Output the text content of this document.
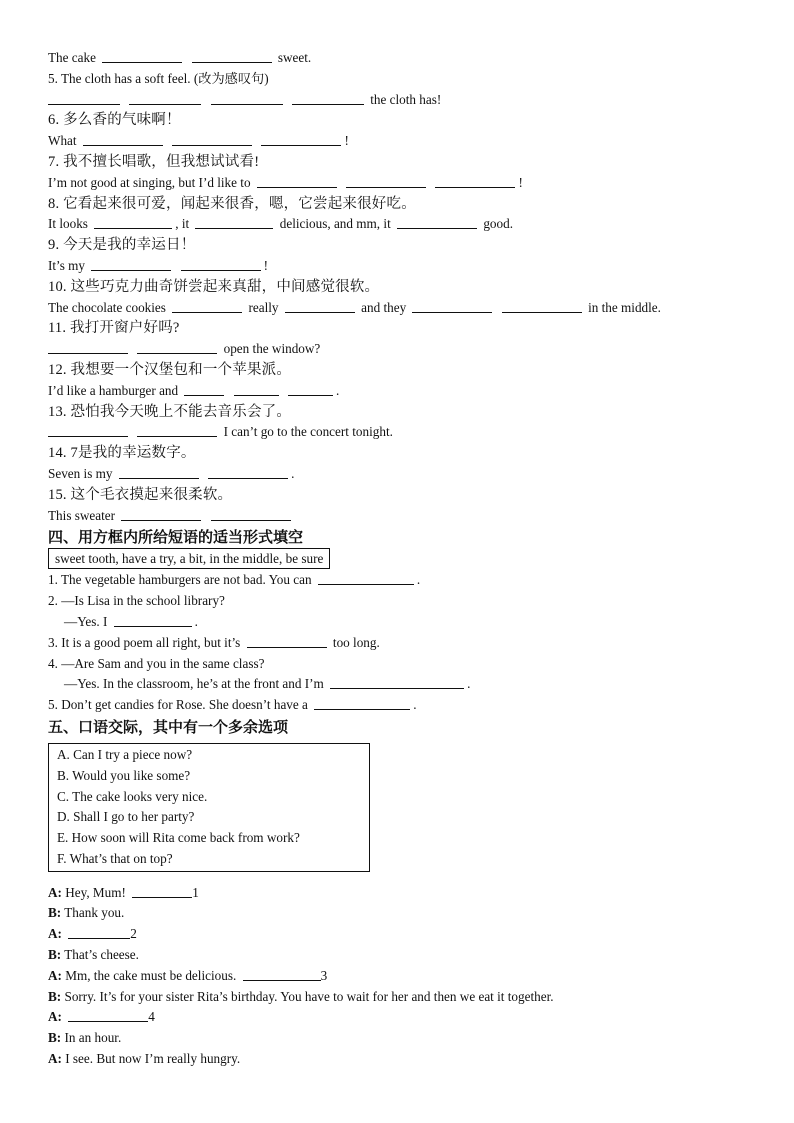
The cake	sweet.
5. The cloth has a soft feel. (改为感叹句)
the cloth has!
6. 多么香的气味啊！
What	!
7. 我不擅长唱歌，但我想试试看!
I’m not good at singing, but I’d like to	!
8. 它看起来很可爱，闻起来很香，嗯，它尝起来很好吃。
It looks	, it	delicious, and mm, it	good.
9. 今天是我的幸运日！
It’s my	!
10. 这些巧克力曲奇饼尝起来真甜，中间感觉很软。
The chocolate cookies	really	and they	in the middle.
11. 我打开窗户好吗?
open the window?
12. 我想要一个汉堡包和一个苹果派。
I’d like a hamburger and	.
13. 恐怕我今天晚上不能去音乐会了。
I can’t go to the concert tonight.
14. 7是我的幸运数字。
Seven is my	.
15. 这个毛衣摸起来很柔软。
This sweater
四、用方框内所给短语的适当形式填空
sweet tooth, have a try, a bit, in the middle, be sure
1. The vegetable hamburgers are not bad. You can	.
2. —Is Lisa in the school library?
—Yes. I	.
3. It is a good poem all right, but it’s	too long.
4. —Are Sam and you in the same class?
—Yes. In the classroom, he’s at the front and I’m	.
5. Don’t get candies for Rose. She doesn’t have a	.
五、口语交际，其中有一个多余选项
A. Can I try a piece now?
B. Would you like some?
C. The cake looks very nice.
D. Shall I go to her party?
E. How soon will Rita come back from work?
F. What’s that on top?
A: Hey, Mum!	1
B: Thank you.
A:	2
B: That’s cheese.
A: Mm, the cake must be delicious.	3
B: Sorry. It’s for your sister Rita’s birthday. You have to wait for her and then we eat it together.
A:	4
B: In an hour.
A: I see. But now I’m really hungry.
